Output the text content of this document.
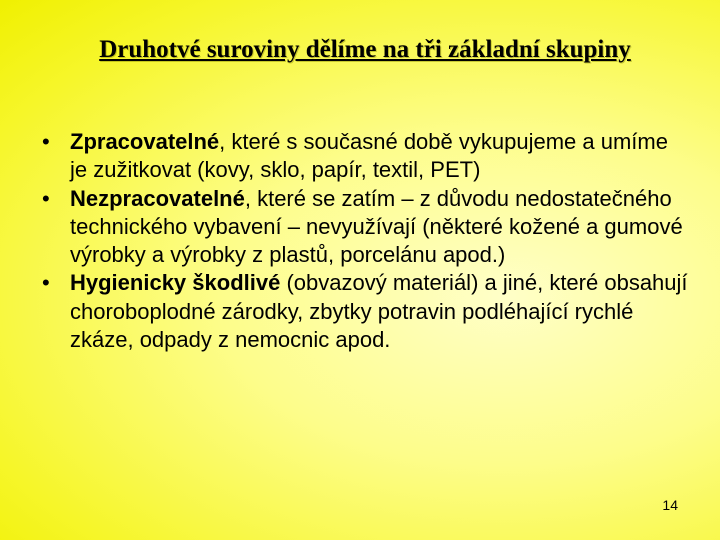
Druhotvé suroviny dělíme na tři základní skupiny
• Zpracovatelné, které s současné době vykupujeme a umíme je zužitkovat (kovy, sklo, papír, textil, PET)
• Nezpracovatelné, které se zatím – z důvodu nedostatečného technického vybavení – nevyužívají (některé kožené a gumové výrobky a výrobky z plastů, porcelánu apod.)
• Hygienicky škodlivé (obvazový materiál) a jiné, které obsahují choroboplodné zárodky, zbytky potravin podléhající rychlé zkáze, odpady z nemocnic apod.
14
